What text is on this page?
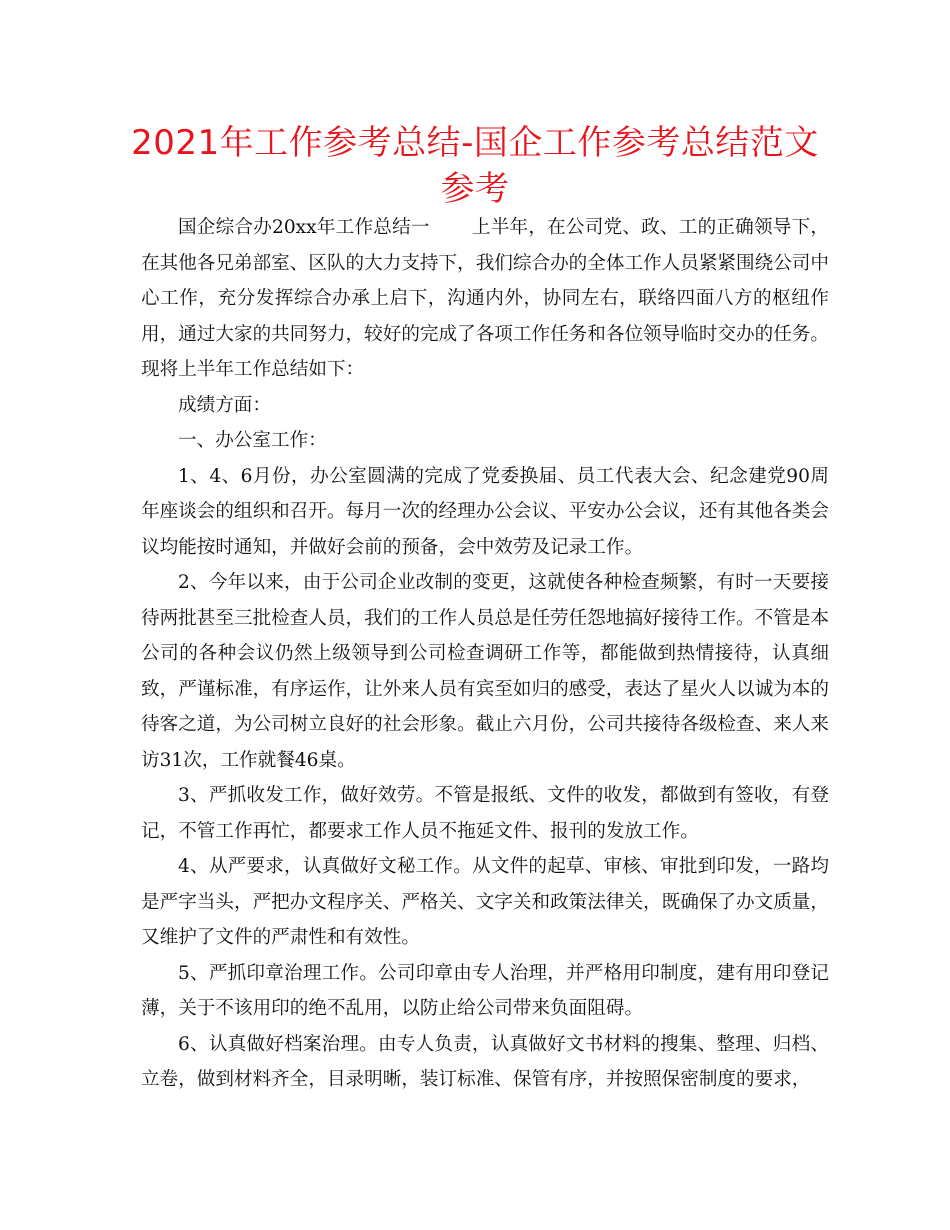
2021年工作参考总结-国企工作参考总结范文参考

国企综合办20xx年工作总结一 上半年，在公司党、政、工的正确领导下，在其他各兄弟部室、区队的大力支持下，我们综合办的全体工作人员紧紧围绕公司中心工作，充分发挥综合办承上启下，沟通内外，协同左右，联络四面八方的枢纽作用，通过大家的共同努力，较好的完成了各项工作任务和各位领导临时交办的任务。现将上半年工作总结如下：

成绩方面：

一、办公室工作：

1、4、6月份，办公室圆满的完成了党委换届、员工代表大会、纪念建党90周年座谈会的组织和召开。每月一次的经理办公会议、平安办公会议，还有其他各类会议均能按时通知，并做好会前的预备，会中效劳及记录工作。

2、今年以来，由于公司企业改制的变更，这就使各种检查频繁，有时一天要接待两批甚至三批检查人员，我们的工作人员总是任劳任怨地搞好接待工作。不管是本公司的各种会议仍然上级领导到公司检查调研工作等，都能做到热情接待，认真细致，严谨标准，有序运作，让外来人员有宾至如归的感受，表达了星火人以诚为本的待客之道，为公司树立良好的社会形象。截止六月份，公司共接待各级检查、来人来访31次，工作就餐46桌。

3、严抓收发工作，做好效劳。不管是报纸、文件的收发，都做到有签收，有登记，不管工作再忙，都要求工作人员不拖延文件、报刊的发放工作。

4、从严要求，认真做好文秘工作。从文件的起草、审核、审批到印发，一路均是严字当头，严把办文程序关、严格关、文字关和政策法律关，既确保了办文质量，又维护了文件的严肃性和有效性。

5、严抓印章治理工作。公司印章由专人治理，并严格用印制度，建有用印登记薄，关于不该用印的绝不乱用，以防止给公司带来负面阻碍。

6、认真做好档案治理。由专人负责，认真做好文书材料的搜集、整理、归档、立卷，做到材料齐全，目录明晰，装订标准、保管有序，并按照保密制度的要求，
